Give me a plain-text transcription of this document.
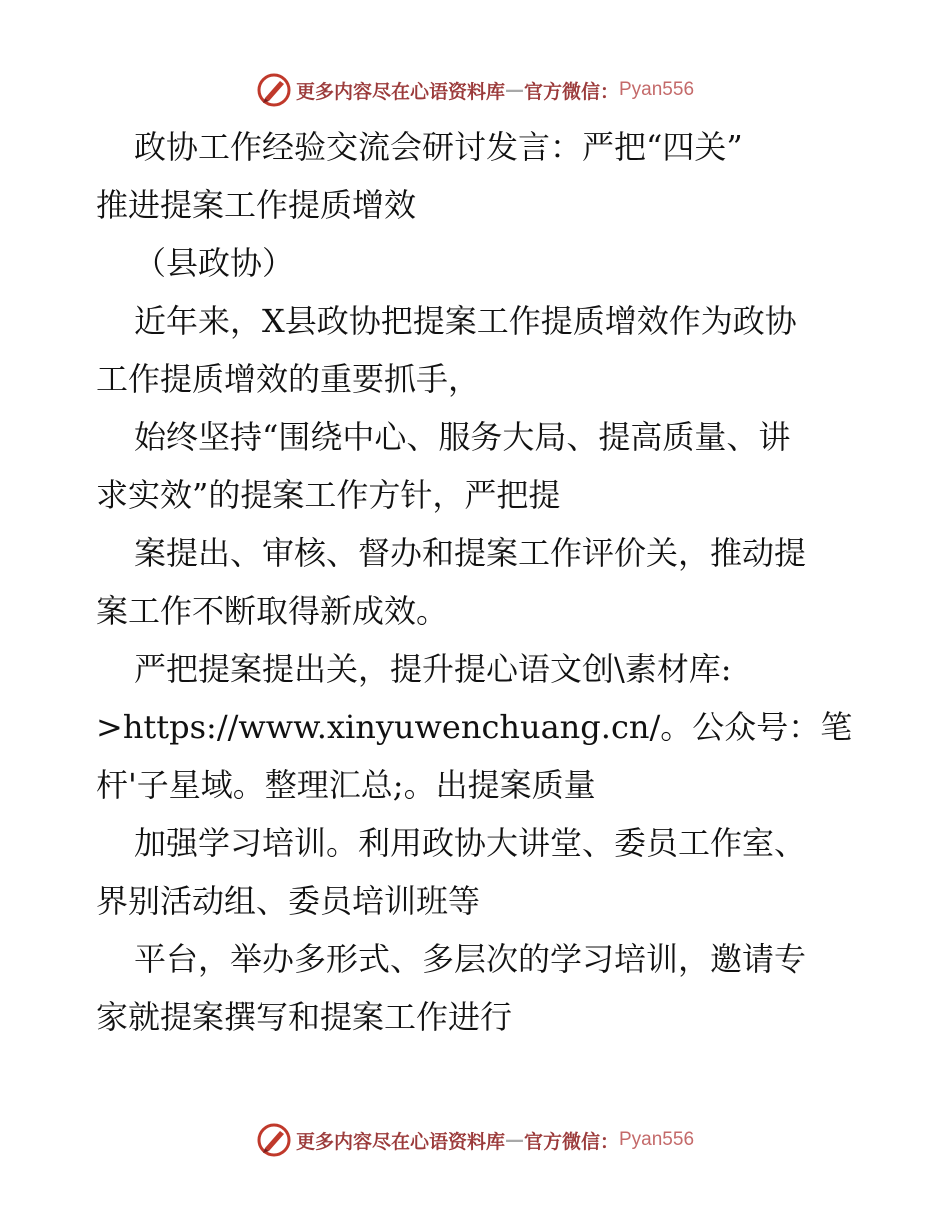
更多内容尽在心语资料库 — 官方微信： Pyan556
政协工作经验交流会研讨发言：严把“四关”
推进提案工作提质增效
（县政协）
近年来，X县政协把提案工作提质增效作为政协
工作提质增效的重要抓手，
始终坚持“围绕中心、服务大局、提高质量、讲
求实效”的提案工作方针，严把提
案提出、审核、督办和提案工作评价关，推动提
案工作不断取得新成效。
严把提案提出关，提升提心语文创\素材库:
>https://www.xinyuwenchuang.cn/。公众号：笔
杆'子星域。整理汇总;。出提案质量
加强学习培训。利用政协大讲堂、委员工作室、
界别活动组、委员培训班等
平台，举办多形式、多层次的学习培训，邀请专
家就提案撰写和提案工作进行
更多内容尽在心语资料库 — 官方微信： Pyan556
